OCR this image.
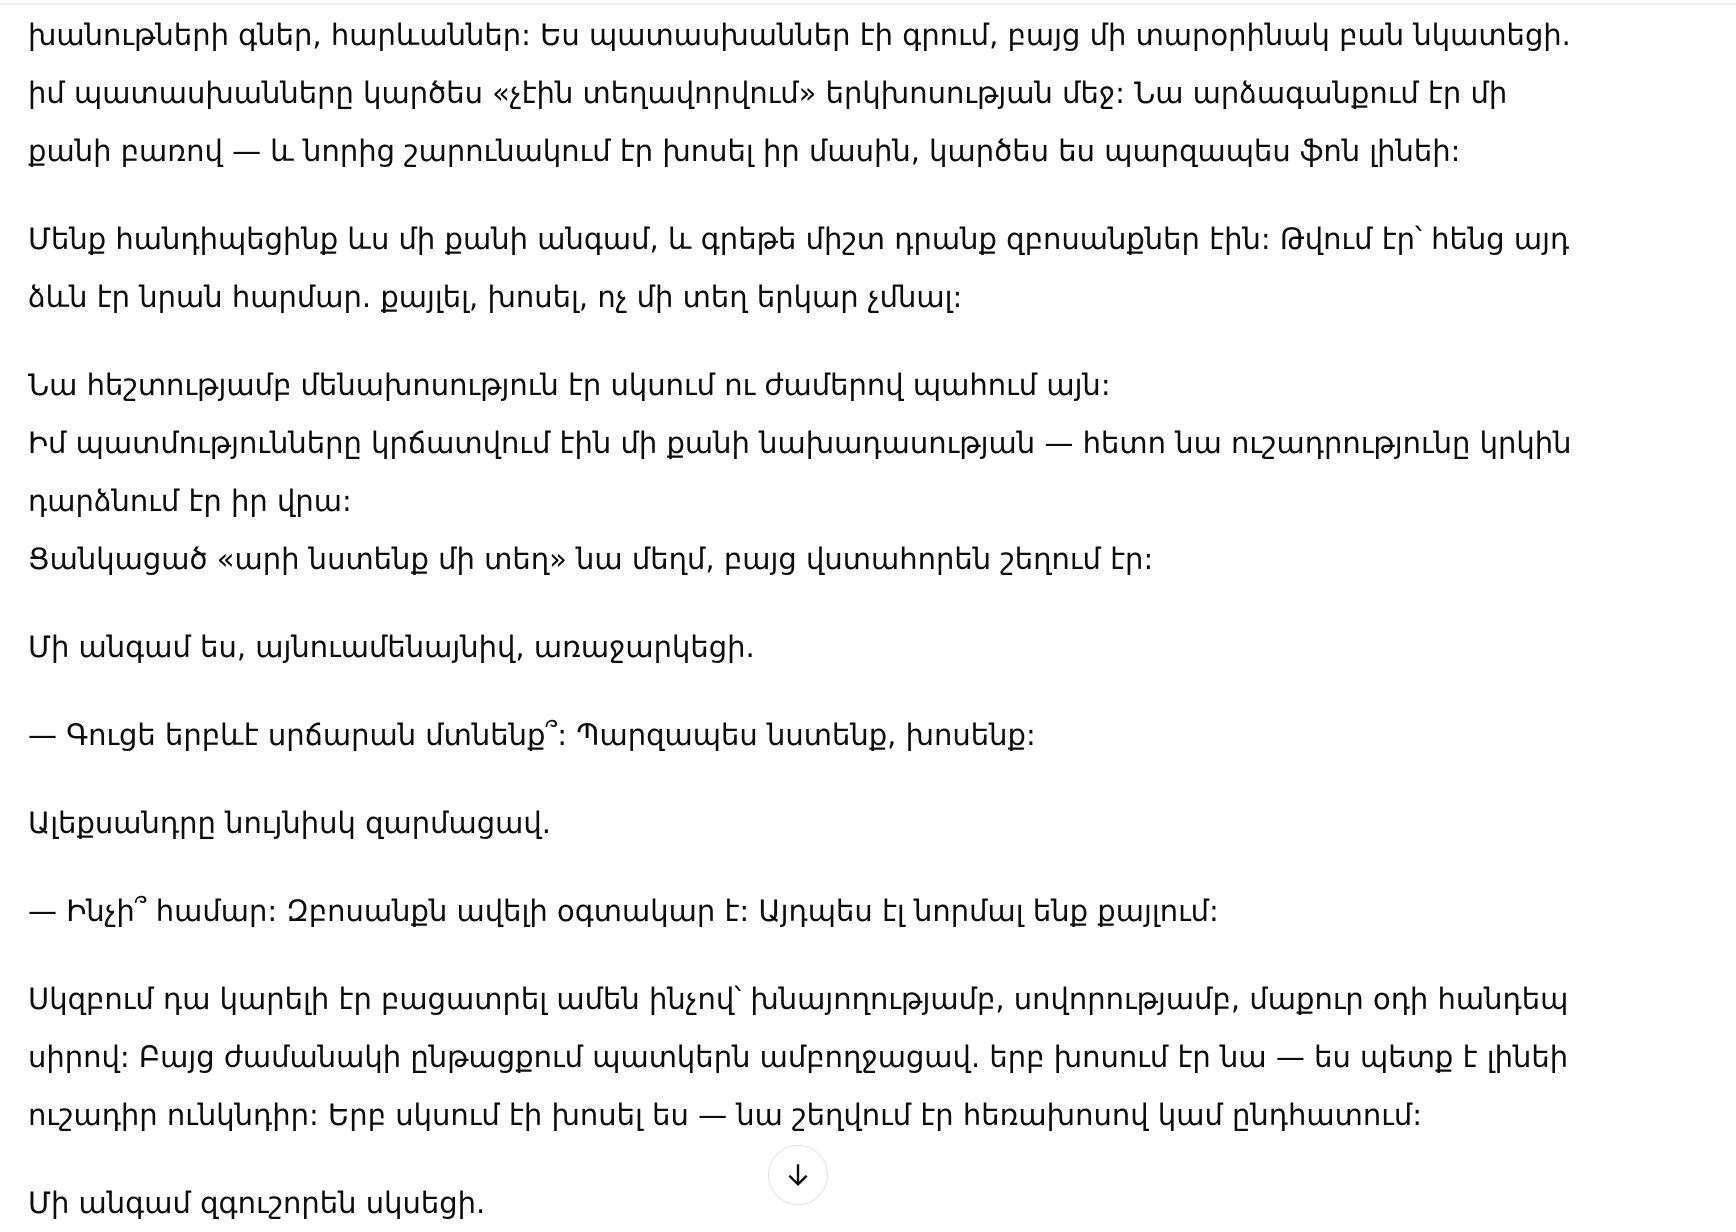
խանութների գներ, հարևաններ: Ես պատասխաններ էի գրում, բայց մի տարօրինակ բան նկատեցի.
իմ պատասխանները կարծես «չէին տեղավորվում» երկխոսության մեջ: Նա արձագանքում էր մի
քանի բառով — և նորից շարունակում էր խոսել իր մասին, կարծես ես պարզապես ֆոն լինեի:

Մենք հանդիպեցինք ևս մի քանի անգամ, և գրեթե միշտ դրանք զբոսանքներ էին: Թվում էր՝ հենց այդ
ձևն էր նրան հարմար. քայլել, խոսել, ոչ մի տեղ երկար չմնալ:

Նա հեշտությամբ մենախոսություն էր սկսում ու ժամերով պահում այն:
Իմ պատմությունները կրճատվում էին մի քանի նախադասության — հետո նա ուշադրությունը կրկին
դարձնում էր իր վրա:
Ցանկացած «արի նստենք մի տեղ» նա մեղմ, բայց վստահորեն շեղում էր:

Մի անգամ ես, այնուամենայնիվ, առաջարկեցի.

— Գուցե երբևէ սրճարան մտնենք՞: Պարզապես նստենք, խոսենք:

Ալեքսանդրը նույնիսկ զարմացավ.

— Ինչի՞ համար: Զբոսանքն ավելի օգտակար է: Այդպես էլ նորմալ ենք քայլում:

Սկզբում դա կարելի էր բացատրել ամեն ինչով՝ խնայողությամբ, սովորությամբ, մաքուր օդի հանդեպ
սիրով: Բայց ժամանակի ընթացքում պատկերն ամբողջացավ. երբ խոսում էր նա — ես պետք է լինեի
ուշադիր ունկնդիր: Երբ սկսում էի խոսել ես — նա շեղվում էր հեռախոսով կամ ընդհատում:

Մի անգամ զգուշորեն սկսեցի.
